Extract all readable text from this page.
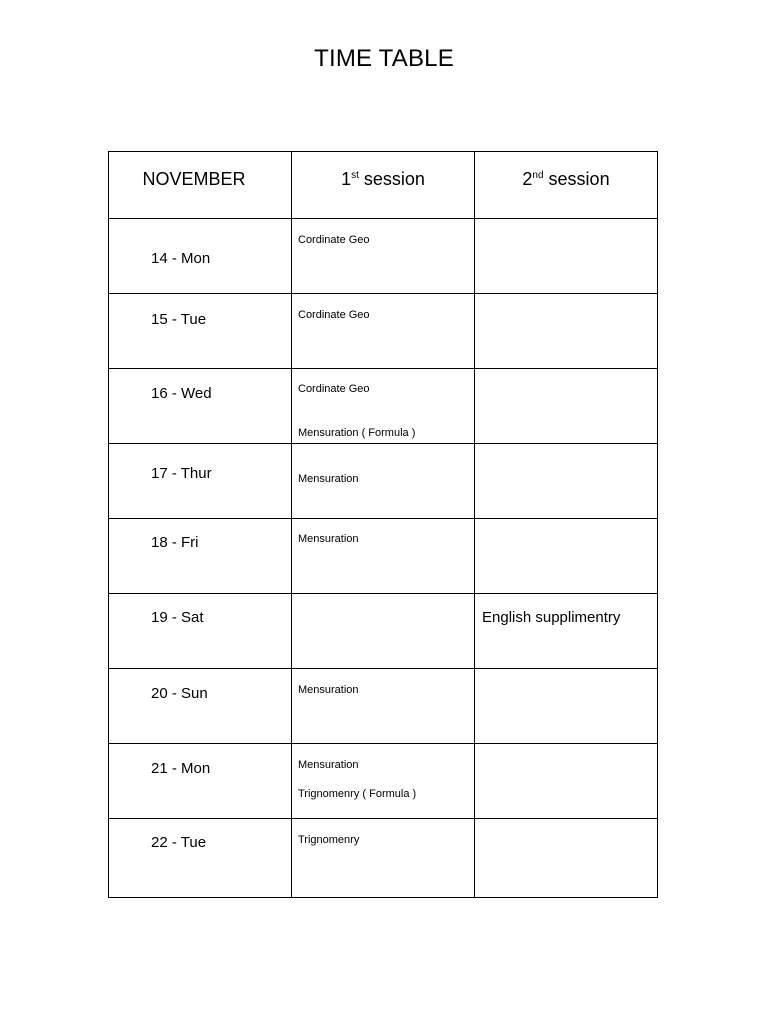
TIME TABLE
NOVEMBER	1st session	2nd session

14 - Mon	Cordinate Geo	

15 - Tue	Cordinate Geo	

16 - Wed	Cordinate Geo
Mensuration ( Formula )	

17 - Thur	Mensuration	

18 - Fri	Mensuration	

19 - Sat		English supplimentry

20 - Sun	Mensuration	

21 - Mon	Mensuration
Trignomenry ( Formula )	

22 - Tue	Trignomenry	
